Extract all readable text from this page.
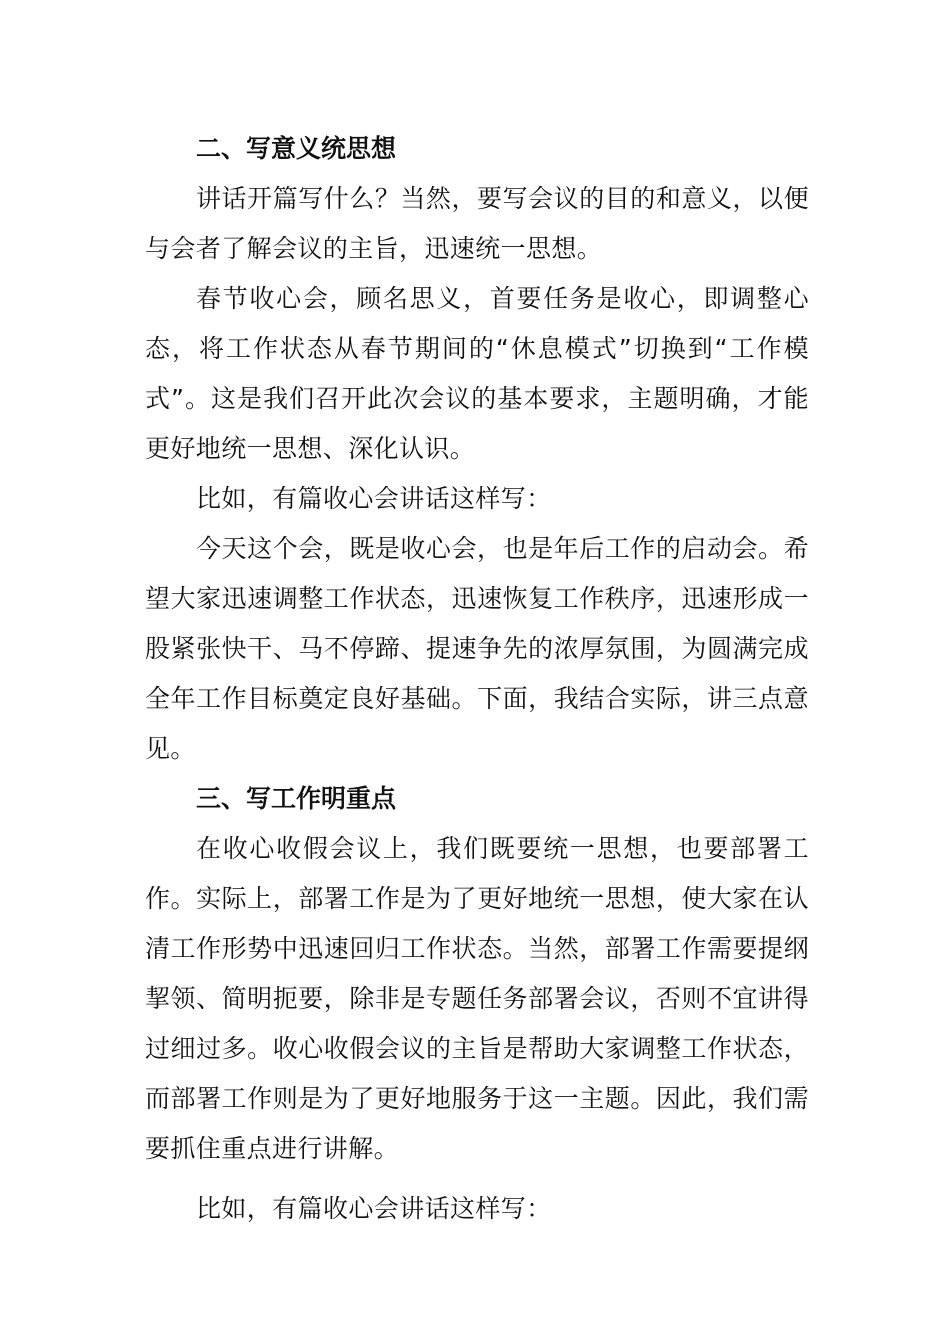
二、写意义统思想

讲话开篇写什么？当然，要写会议的目的和意义，以便与会者了解会议的主旨，迅速统一思想。

春节收心会，顾名思义，首要任务是收心，即调整心态，将工作状态从春节期间的“休息模式”切换到“工作模式”。这是我们召开此次会议的基本要求，主题明确，才能更好地统一思想、深化认识。

比如，有篇收心会讲话这样写：

今天这个会，既是收心会，也是年后工作的启动会。希望大家迅速调整工作状态，迅速恢复工作秩序，迅速形成一股紧张快干、马不停蹄、提速争先的浓厚氛围，为圆满完成全年工作目标奠定良好基础。下面，我结合实际，讲三点意见。

三、写工作明重点

在收心收假会议上，我们既要统一思想，也要部署工作。实际上，部署工作是为了更好地统一思想，使大家在认清工作形势中迅速回归工作状态。当然，部署工作需要提纲挈领、简明扼要，除非是专题任务部署会议，否则不宜讲得过细过多。收心收假会议的主旨是帮助大家调整工作状态，而部署工作则是为了更好地服务于这一主题。因此，我们需要抓住重点进行讲解。

比如，有篇收心会讲话这样写：
